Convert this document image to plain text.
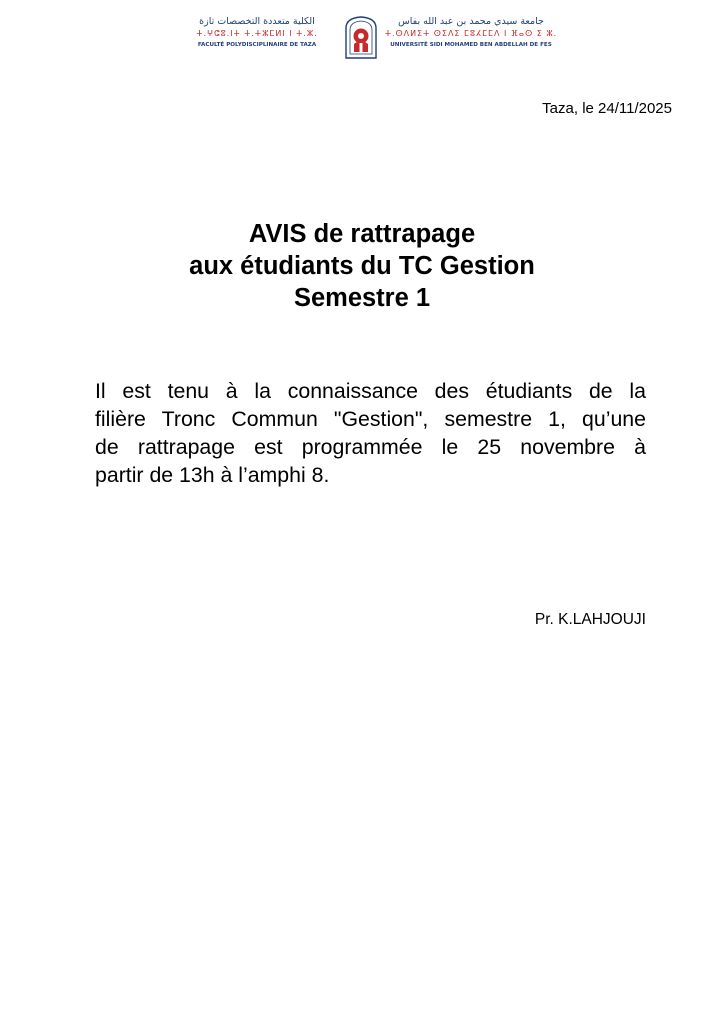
الكلية متعددة التخصصات تازة
ⵜ.ⵖⵛⵓ.ⵏⵜ ⵜ.ⵜⵣⵎⵍⵏ ⵏ ⵜ.ⵣ.
FACULTÉ POLYDISCIPLINAIRE DE TAZA
جامعة سيدي محمد بن عبد الله بفاس
ⵜ.ⵙⴷⵍⵉⵜ ⵙⵉⴷⵉ ⵎⵓⵃⵎⵎⴷ ⵏ ⴼⴰⵙ ⵉ ⵣ.
UNIVERSITÉ SIDI MOHAMED BEN ABDELLAH DE FES
Taza, le 24/11/2025
AVIS de rattrapage
aux étudiants du TC Gestion
Semestre 1
Il est tenu à la connaissance des étudiants de la
filière Tronc Commun "Gestion", semestre 1, qu’une
de rattrapage est programmée le 25 novembre à
partir de 13h à l’amphi 8.
Pr. K.LAHJOUJI
